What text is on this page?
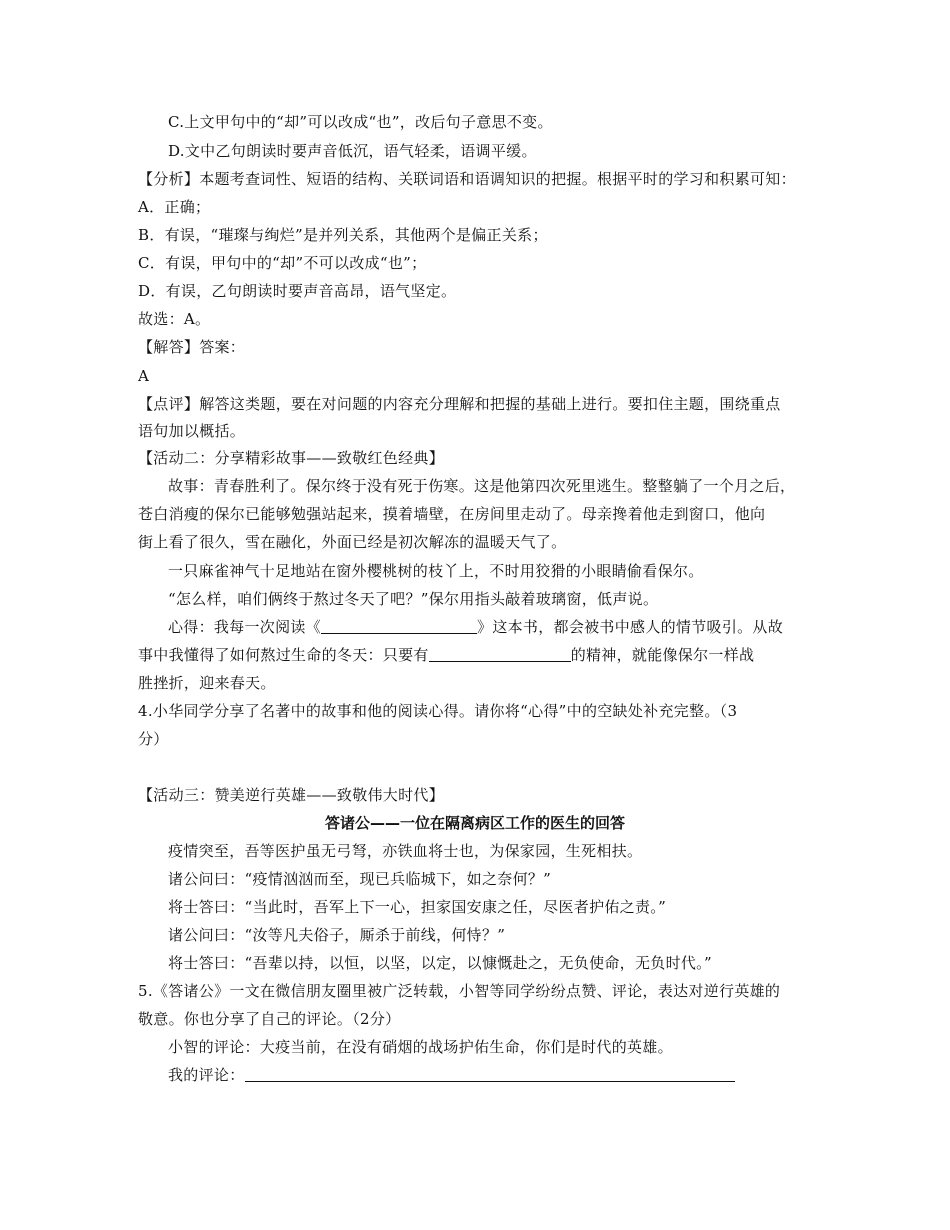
C.上文甲句中的“却”可以改成“也”，改后句子意思不变。
D.文中乙句朗读时要声音低沉，语气轻柔，语调平缓。
【分析】本题考查词性、短语的结构、关联词语和语调知识的把握。根据平时的学习和积累可知：
A．正确；
B．有误，“璀璨与绚烂”是并列关系，其他两个是偏正关系；
C．有误，甲句中的“却”不可以改成“也”；
D．有误，乙句朗读时要声音高昂，语气坚定。
故选：A。
【解答】答案：
A
【点评】解答这类题，要在对问题的内容充分理解和把握的基础上进行。要扣住主题，围绕重点
语句加以概括。
【活动二：分享精彩故事——致敬红色经典】
故事：青春胜利了。保尔终于没有死于伤寒。这是他第四次死里逃生。整整躺了一个月之后，
苍白消瘦的保尔已能够勉强站起来，摸着墙壁，在房间里走动了。母亲搀着他走到窗口，他向
街上看了很久，雪在融化，外面已经是初次解冻的温暖天气了。
一只麻雀神气十足地站在窗外樱桃树的枝丫上，不时用狡猾的小眼睛偷看保尔。
“怎么样，咱们俩终于熬过冬天了吧？”保尔用指头敲着玻璃窗，低声说。
心得：我每一次阅读《	》这本书，都会被书中感人的情节吸引。从故
事中我懂得了如何熬过生命的冬天：只要有	的精神，就能像保尔一样战
胜挫折，迎来春天。
4.小华同学分享了名著中的故事和他的阅读心得。请你将“心得”中的空缺处补充完整。（3
分）
【活动三：赞美逆行英雄——致敬伟大时代】
答诸公——一位在隔离病区工作的医生的回答
疫情突至，吾等医护虽无弓弩，亦铁血将士也，为保家园，生死相扶。
诸公问曰：“疫情汹汹而至，现已兵临城下，如之奈何？”
将士答曰：“当此时，吾军上下一心，担家国安康之任，尽医者护佑之责。”
诸公问曰：“汝等凡夫俗子，厮杀于前线，何恃？”
将士答曰：“吾辈以持，以恒，以坚，以定，以慷慨赴之，无负使命，无负时代。”
5.《答诸公》一文在微信朋友圈里被广泛转载，小智等同学纷纷点赞、评论，表达对逆行英雄的
敬意。你也分享了自己的评论。（2分）
小智的评论：大疫当前，在没有硝烟的战场护佑生命，你们是时代的英雄。
我的评论：
